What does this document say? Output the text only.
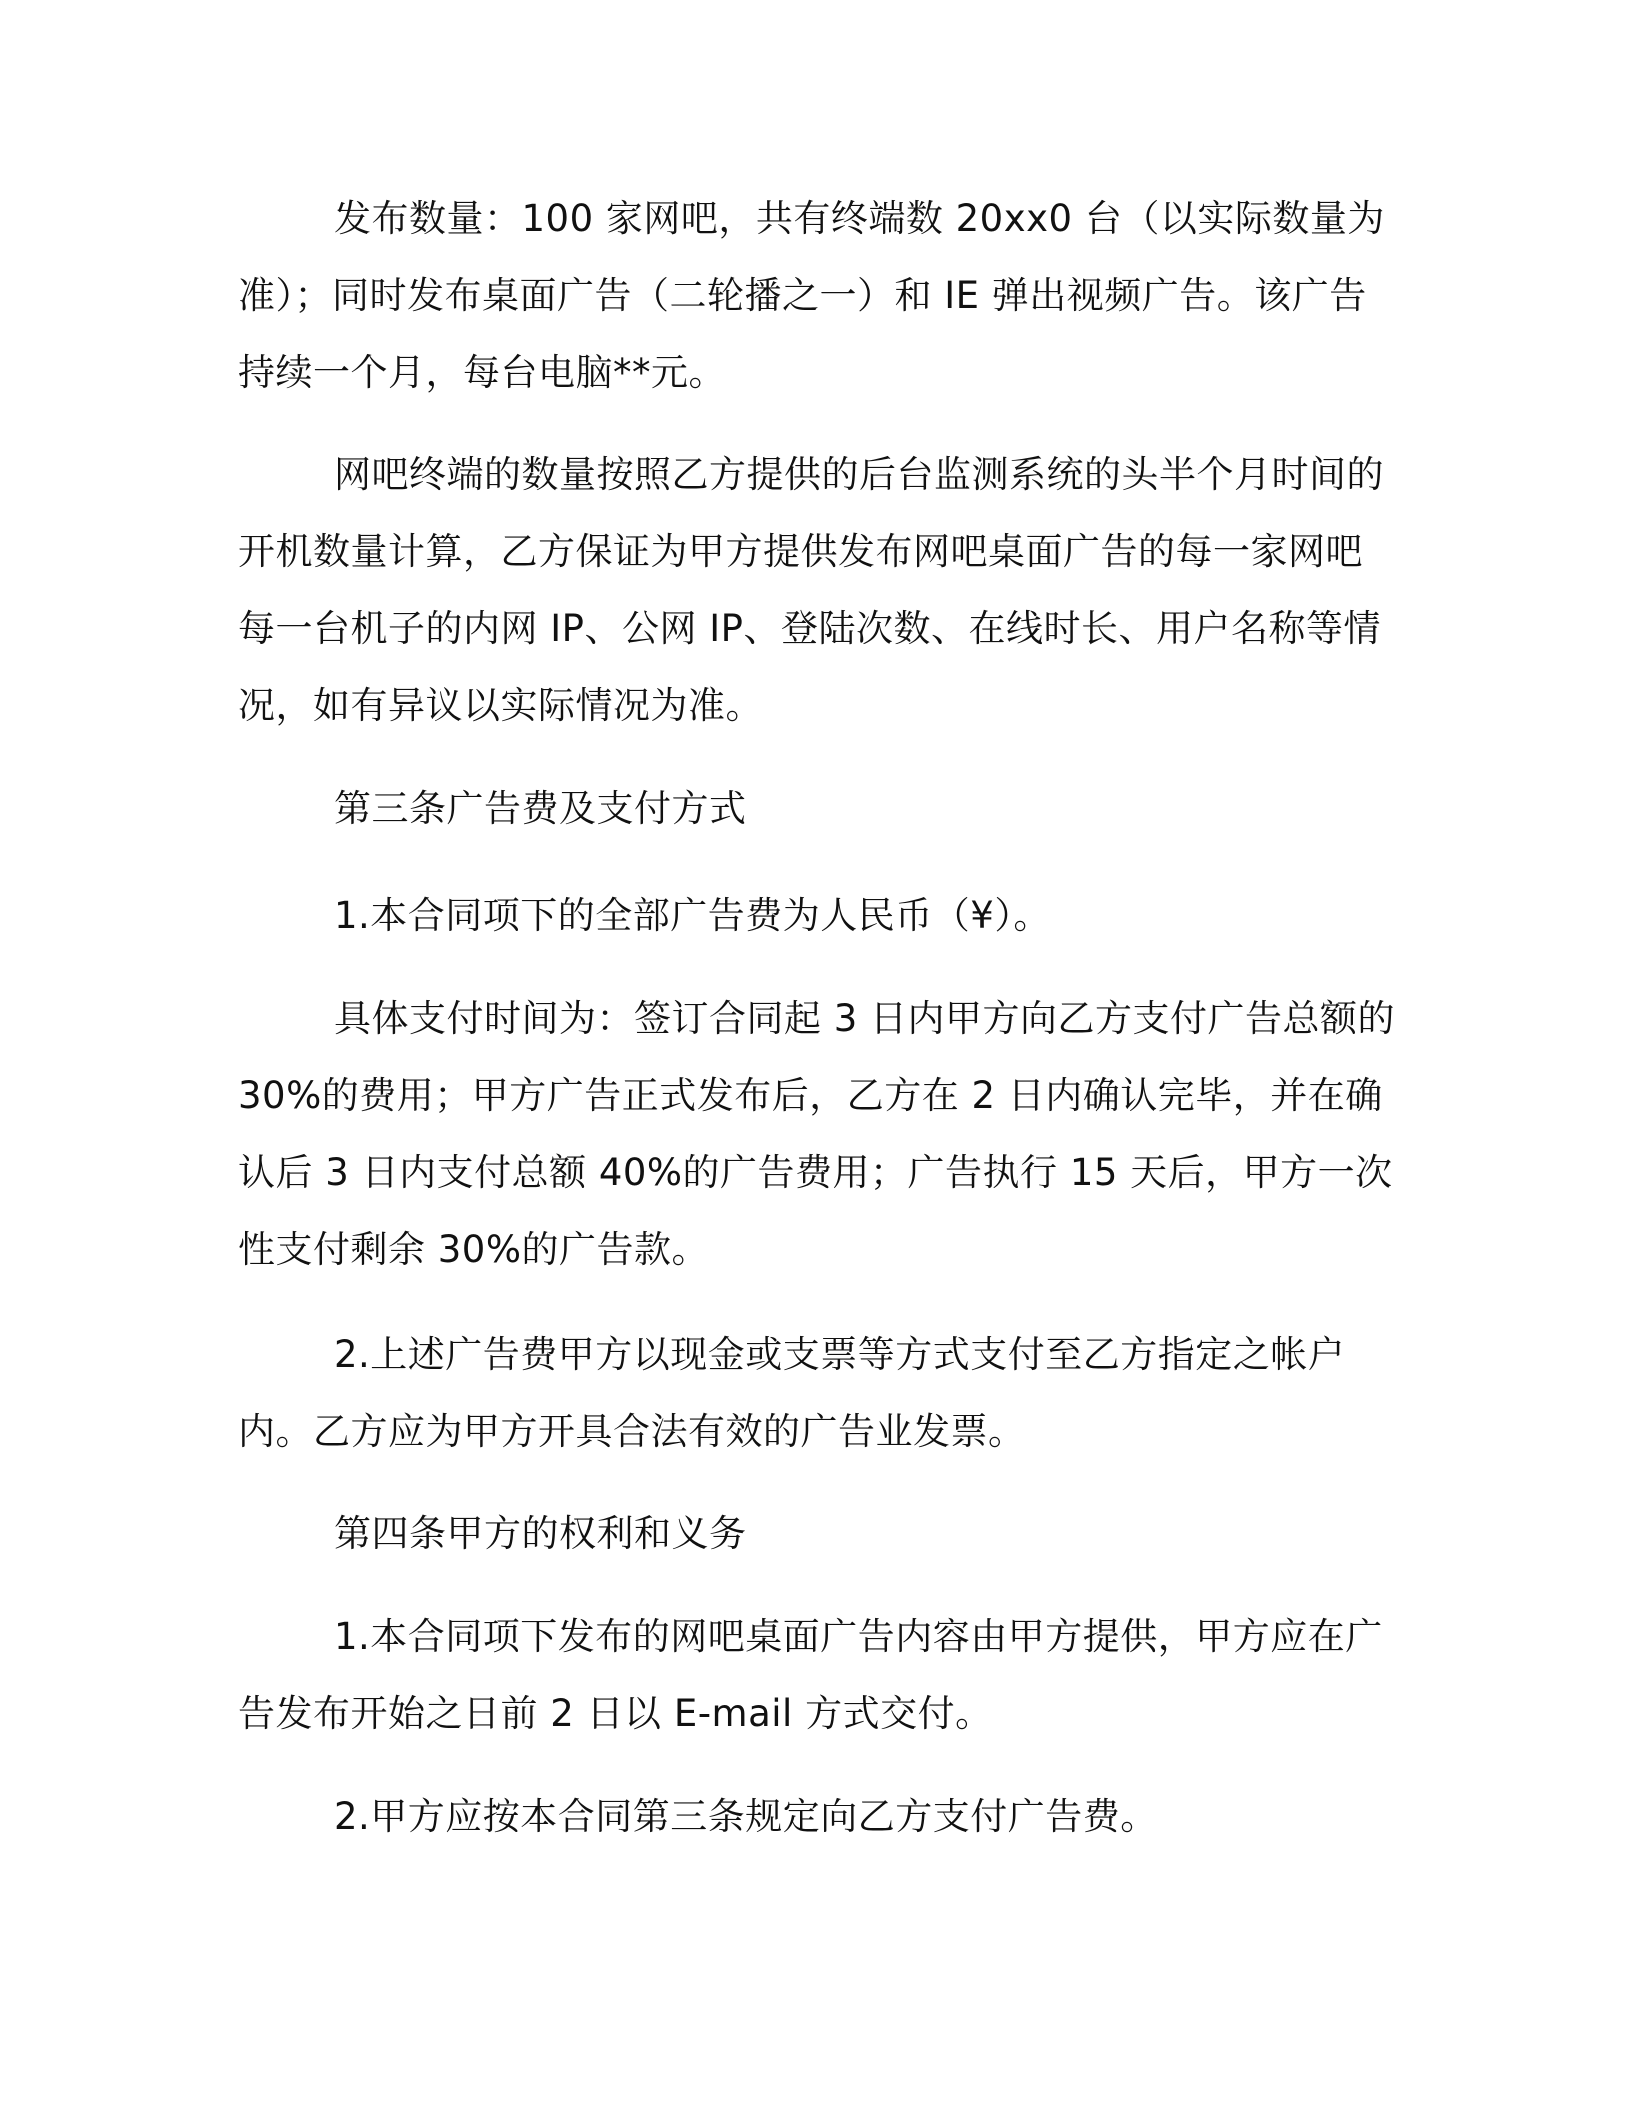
发布数量：100 家网吧，共有终端数 20xx0 台（以实际数量为准）；同时发布桌面广告（二轮播之一）和 IE 弹出视频广告。该广告持续一个月，每台电脑**元。

网吧终端的数量按照乙方提供的后台监测系统的头半个月时间的开机数量计算，乙方保证为甲方提供发布网吧桌面广告的每一家网吧每一台机子的内网 IP、公网 IP、登陆次数、在线时长、用户名称等情况，如有异议以实际情况为准。

第三条广告费及支付方式

1.本合同项下的全部广告费为人民币（¥）。

具体支付时间为：签订合同起 3 日内甲方向乙方支付广告总额的30%的费用；甲方广告正式发布后，乙方在 2 日内确认完毕，并在确认后 3 日内支付总额 40%的广告费用；广告执行 15 天后，甲方一次性支付剩余 30%的广告款。

2.上述广告费甲方以现金或支票等方式支付至乙方指定之帐户内。乙方应为甲方开具合法有效的广告业发票。

第四条甲方的权利和义务

1.本合同项下发布的网吧桌面广告内容由甲方提供，甲方应在广告发布开始之日前 2 日以 E-mail 方式交付。

2.甲方应按本合同第三条规定向乙方支付广告费。
